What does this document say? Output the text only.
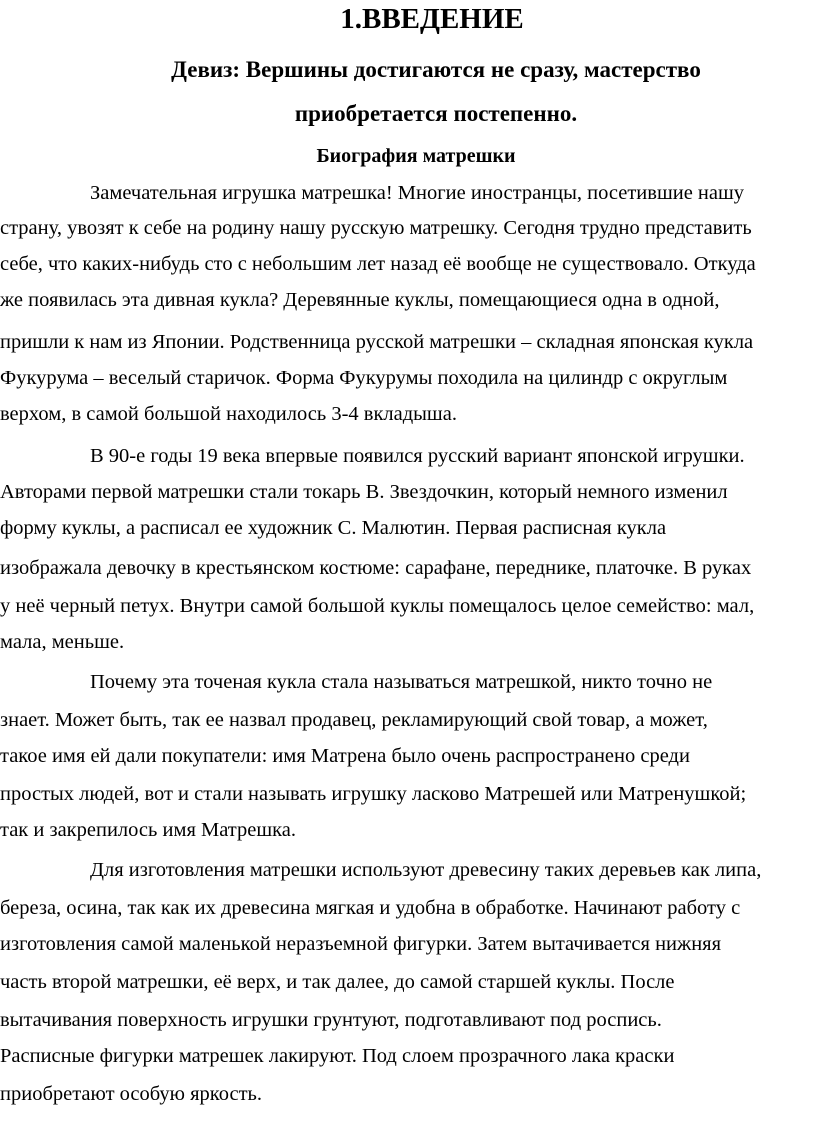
1.ВВЕДЕНИЕ
Девиз: Вершины достигаются не сразу, мастерство
приобретается постепенно.
Биография матрешки
Замечательная игрушка матрешка! Многие иностранцы, посетившие нашу
страну, увозят к себе на родину нашу русскую матрешку. Сегодня трудно представить
себе, что каких-нибудь сто с небольшим лет назад её вообще не существовало. Откуда
же появилась эта дивная кукла? Деревянные куклы, помещающиеся одна в одной,
пришли к нам из Японии. Родственница русской матрешки – складная японская кукла
Фукурума – веселый старичок. Форма Фукурумы походила на цилиндр с округлым
верхом, в самой большой находилось 3-4 вкладыша.
В 90-е годы 19 века впервые появился русский вариант японской игрушки.
Авторами первой матрешки стали токарь В. Звездочкин, который немного изменил
форму куклы, а расписал ее художник С. Малютин. Первая расписная кукла
изображала девочку в крестьянском костюме: сарафане, переднике, платочке. В руках
у неё черный петух. Внутри самой большой куклы помещалось целое семейство: мал,
мала, меньше.
Почему эта точеная кукла стала называться матрешкой, никто точно не
знает. Может быть, так ее назвал продавец, рекламирующий свой товар, а может,
такое имя ей дали покупатели: имя Матрена было очень распространено среди
простых людей, вот и стали называть игрушку ласково Матрешей или Матренушкой;
так и закрепилось имя Матрешка.
Для изготовления матрешки используют древесину таких деревьев как липа,
береза, осина, так как их древесина мягкая и удобна в обработке. Начинают работу с
изготовления самой маленькой неразъемной фигурки. Затем вытачивается нижняя
часть второй матрешки, её верх, и так далее, до самой старшей куклы. После
вытачивания поверхность игрушки грунтуют, подготавливают под роспись.
Расписные фигурки матрешек лакируют. Под слоем прозрачного лака краски
приобретают особую яркость.
